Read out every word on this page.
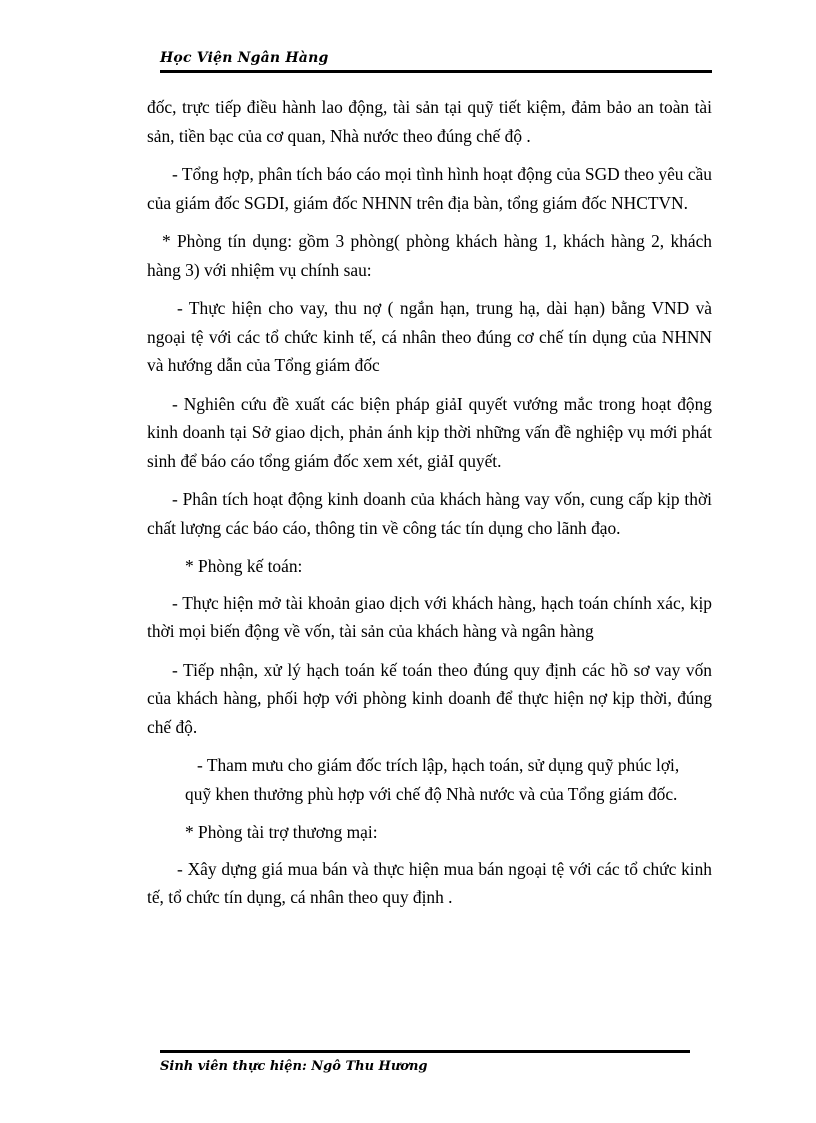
Học Viện Ngân Hàng

đốc, trực tiếp điều hành lao động, tài sản tại quỹ tiết kiệm, đảm bảo an toàn tài sản, tiền bạc của cơ quan, Nhà nước theo đúng chế độ .

- Tổng hợp, phân tích báo cáo mọi tình hình hoạt động của SGD theo yêu cầu của giám đốc SGDI, giám đốc NHNN trên địa bàn, tổng giám đốc NHCTVN.

* Phòng tín dụng: gồm 3 phòng( phòng khách hàng 1, khách hàng 2, khách hàng 3) với nhiệm vụ chính sau:

- Thực hiện cho vay, thu nợ ( ngắn hạn, trung hạ, dài hạn) bằng VND và ngoại tệ với các tổ chức kinh tế, cá nhân theo đúng cơ chế tín dụng của NHNN và hướng dẫn của Tổng giám đốc

- Nghiên cứu đề xuất các biện pháp giảI quyết vướng mắc trong hoạt động kinh doanh tại Sở giao dịch, phản ánh kịp thời những vấn đề nghiệp vụ mới phát sinh để báo cáo tổng giám đốc xem xét, giảI quyết.

- Phân tích hoạt động kinh doanh của khách hàng vay vốn, cung cấp kịp thời chất lượng các báo cáo, thông tin về công tác tín dụng cho lãnh đạo.

* Phòng kế toán:

- Thực hiện mở tài khoản giao dịch với khách hàng, hạch toán chính xác, kịp thời mọi biến động về vốn, tài sản của khách hàng và ngân hàng

- Tiếp nhận, xử lý hạch toán kế toán theo đúng quy định các hồ sơ vay vốn của khách hàng, phối hợp với phòng kinh doanh để thực hiện nợ kịp thời, đúng chế độ.

- Tham mưu cho giám đốc trích lập, hạch toán, sử dụng quỹ phúc lợi,
quỹ khen thưởng phù hợp với chế độ Nhà nước và của Tổng giám đốc.

* Phòng tài trợ thương mại:

- Xây dựng giá mua bán và thực hiện mua bán ngoại tệ với các tổ chức kinh tế, tổ chức tín dụng, cá nhân theo quy định .

Sinh viên thực hiện: Ngô Thu Hương
